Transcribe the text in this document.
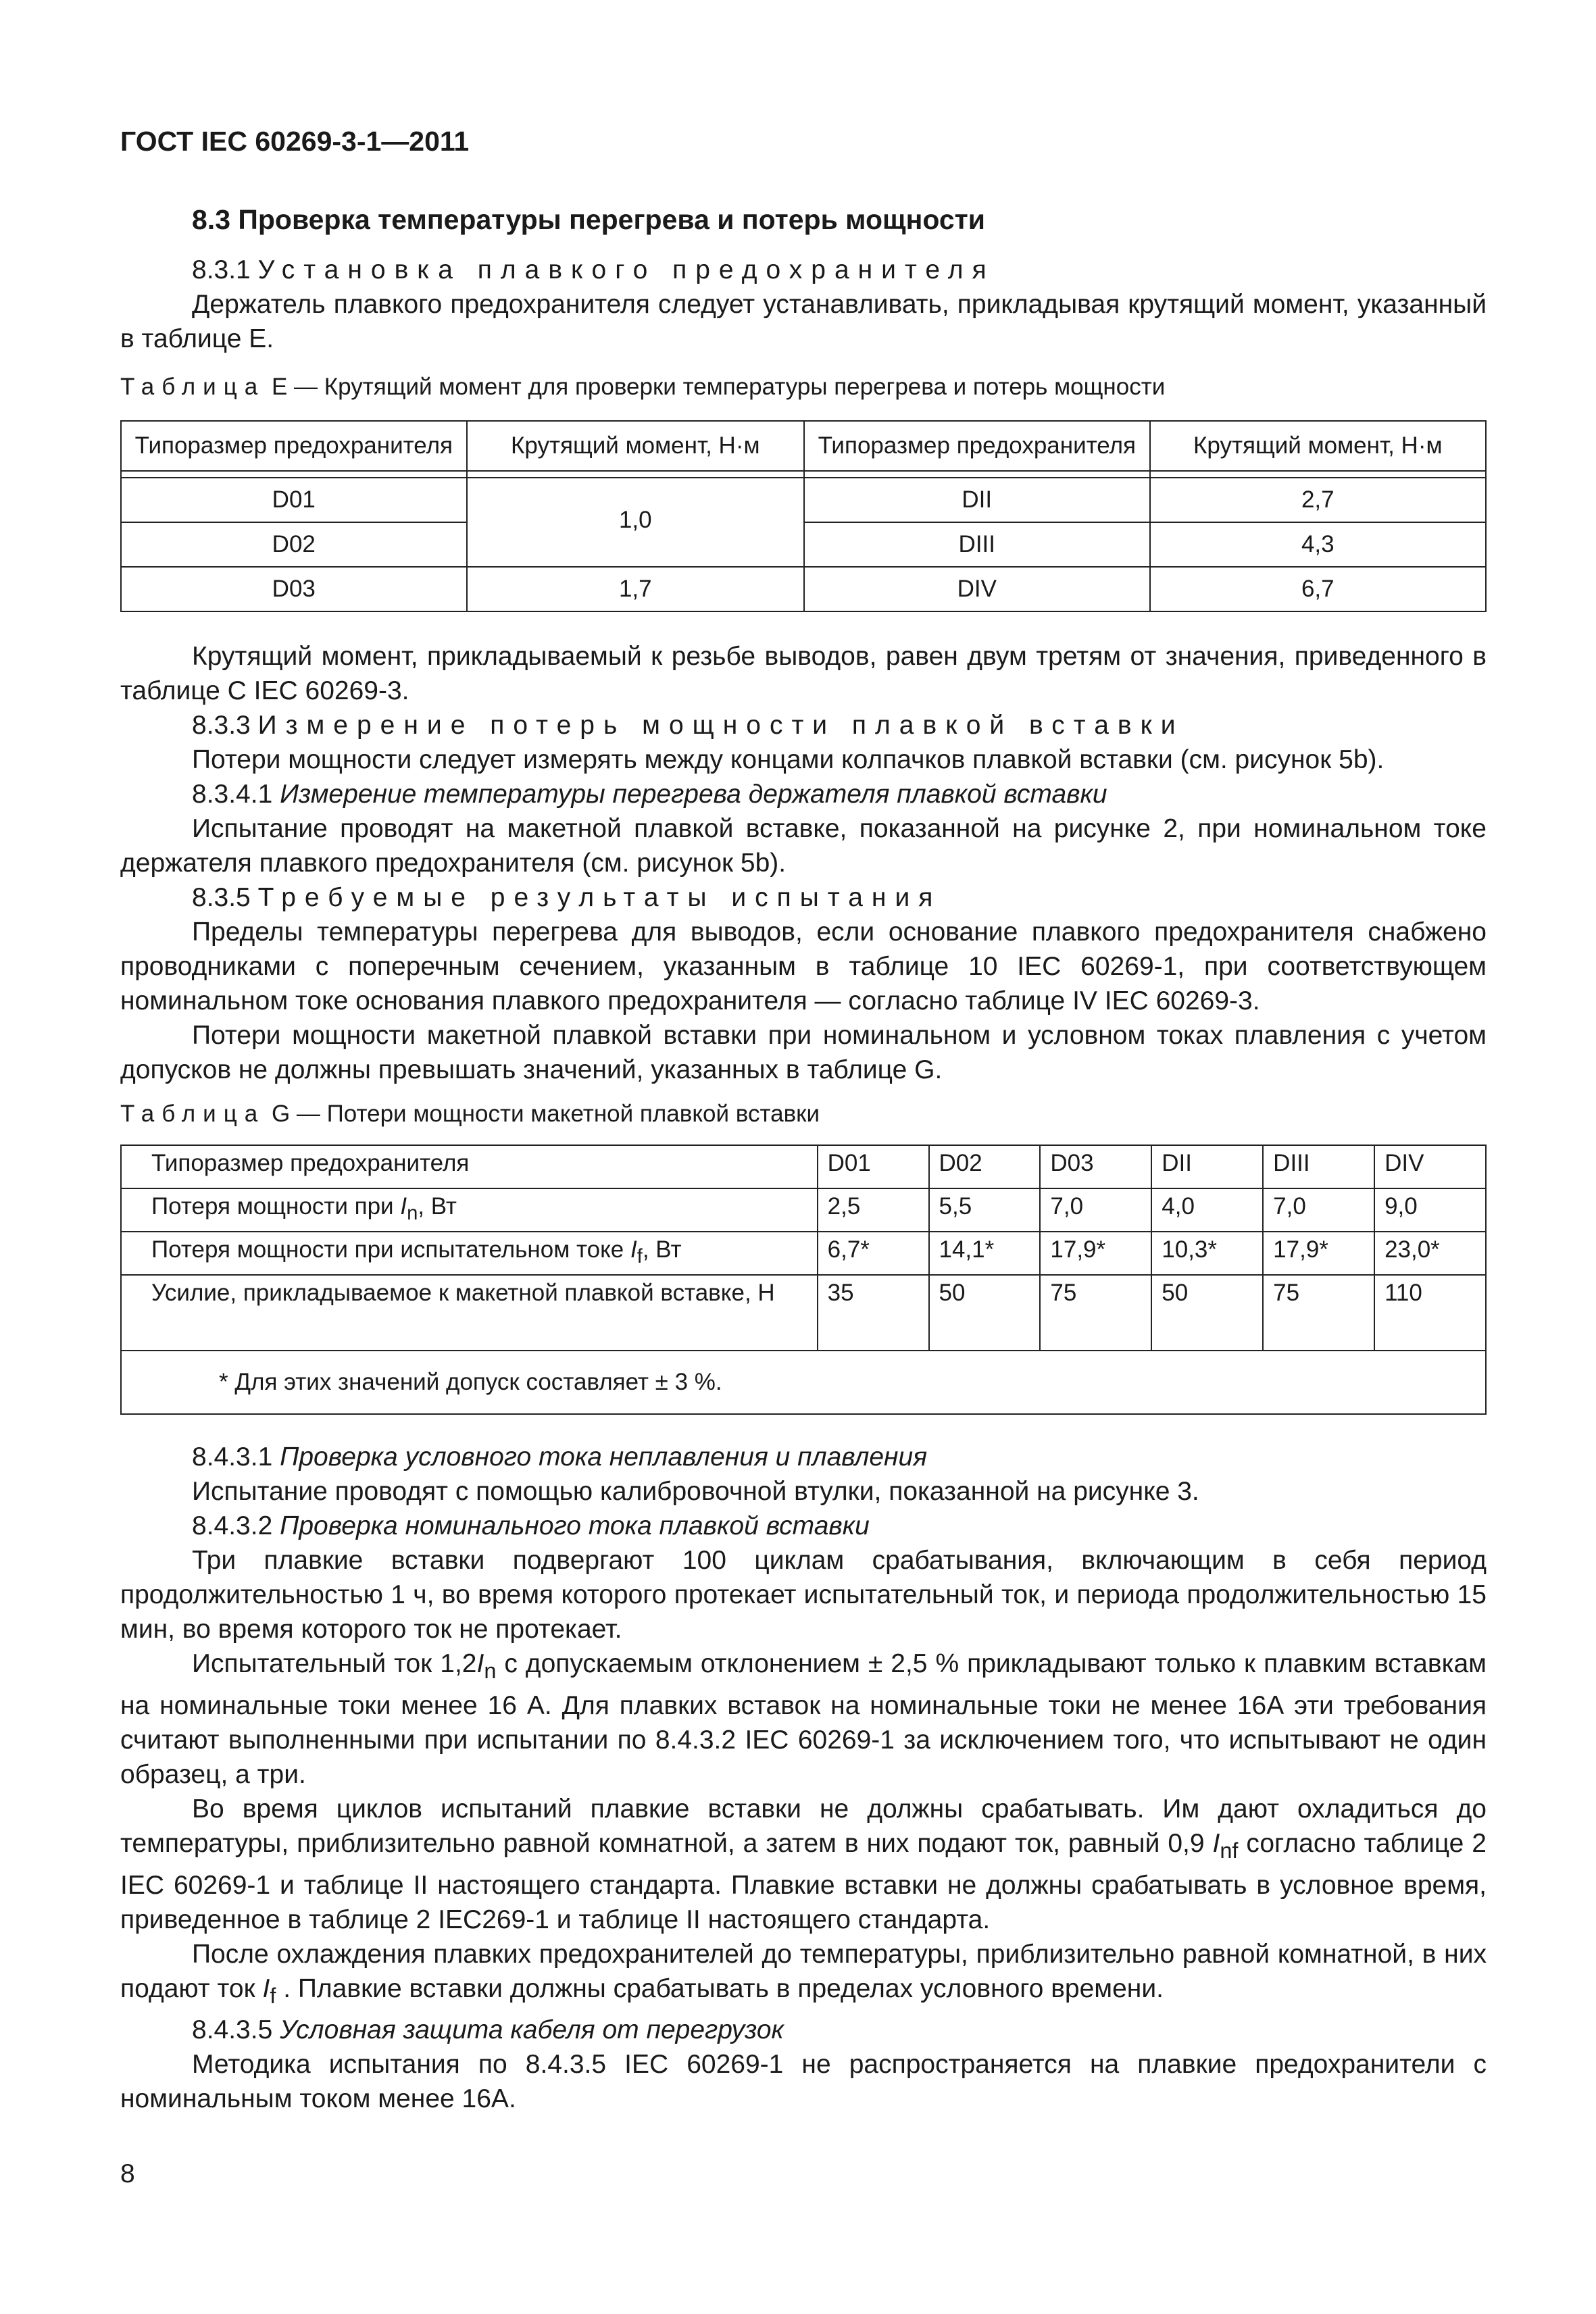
ГОСТ IEC 60269-3-1—2011
8.3 Проверка температуры перегрева и потерь мощности

8.3.1 Установка плавкого предохранителя

Держатель плавкого предохранителя следует устанавливать, прикладывая крутящий момент, указанный в таблице E.

Таблица E — Крутящий момент для проверки температуры перегрева и потерь мощности

Типоразмер предохранителя	Крутящий момент, Н·м	Типоразмер предохранителя	Крутящий момент, Н·м

D01	1,0	DII	2,7
D02		DIII	4,3
D03	1,7	DIV	6,7

Крутящий момент, прикладываемый к резьбе выводов, равен двум третям от значения, приведенного в таблице C IEC 60269-3.

8.3.3 Измерение потерь мощности плавкой вставки

Потери мощности следует измерять между концами колпачков плавкой вставки (см. рисунок 5b).

8.3.4.1 Измерение температуры перегрева держателя плавкой вставки

Испытание проводят на макетной плавкой вставке, показанной на рисунке 2, при номинальном токе держателя плавкого предохранителя (см. рисунок 5b).

8.3.5 Требуемые результаты испытания

Пределы температуры перегрева для выводов, если основание плавкого предохранителя снабжено проводниками с поперечным сечением, указанным в таблице 10 IEC 60269-1, при соответствующем номинальном токе основания плавкого предохранителя — согласно таблице IV IEC 60269-3.

Потери мощности макетной плавкой вставки при номинальном и условном токах плавления с учетом допусков не должны превышать значений, указанных в таблице G.

Таблица G — Потери мощности макетной плавкой вставки

Типоразмер предохранителя	D01	D02	D03	DII	DIII	DIV
Потеря мощности при $I_n$, Вт	2,5	5,5	7,0	4,0	7,0	9,0
Потеря мощности при испытательном токе $I_f$, Вт	6,7*	14,1*	17,9*	10,3*	17,9*	23,0*
Усилие, прикладываемое к макетной плавкой вставке, Н	35	50	75	50	75	110
* Для этих значений допуск составляет ± 3 %.						

8.4.3.1 Проверка условного тока неплавления и плавления

Испытание проводят с помощью калибровочной втулки, показанной на рисунке 3.

8.4.3.2 Проверка номинального тока плавкой вставки

Три плавкие вставки подвергают 100 циклам срабатывания, включающим в себя период продолжительностью 1 ч, во время которого протекает испытательный ток, и периода продолжительностью 15 мин, во время которого ток не протекает.

Испытательный ток $1,2I_n$ с допускаемым отклонением ± 2,5 % прикладывают только к плавким вставкам на номинальные токи менее 16 А. Для плавких вставок на номинальные токи не менее 16А эти требования считают выполненными при испытании по 8.4.3.2 IEC 60269-1 за исключением того, что испытывают не один образец, а три.

Во время циклов испытаний плавкие вставки не должны срабатывать. Им дают охладиться до температуры, приблизительно равной комнатной, а затем в них подают ток, равный 0,9 $I_{nf}$ согласно таблице 2 IEC 60269-1 и таблице II настоящего стандарта. Плавкие вставки не должны срабатывать в условное время, приведенное в таблице 2 IEC269-1 и таблице II настоящего стандарта.

После охлаждения плавких предохранителей до температуры, приблизительно равной комнатной, в них подают ток $I_f$ . Плавкие вставки должны срабатывать в пределах условного времени.

8.4.3.5 Условная защита кабеля от перегрузок

Методика испытания по 8.4.3.5 IEC 60269-1 не распространяется на плавкие предохранители с номинальным током менее 16А.

8
